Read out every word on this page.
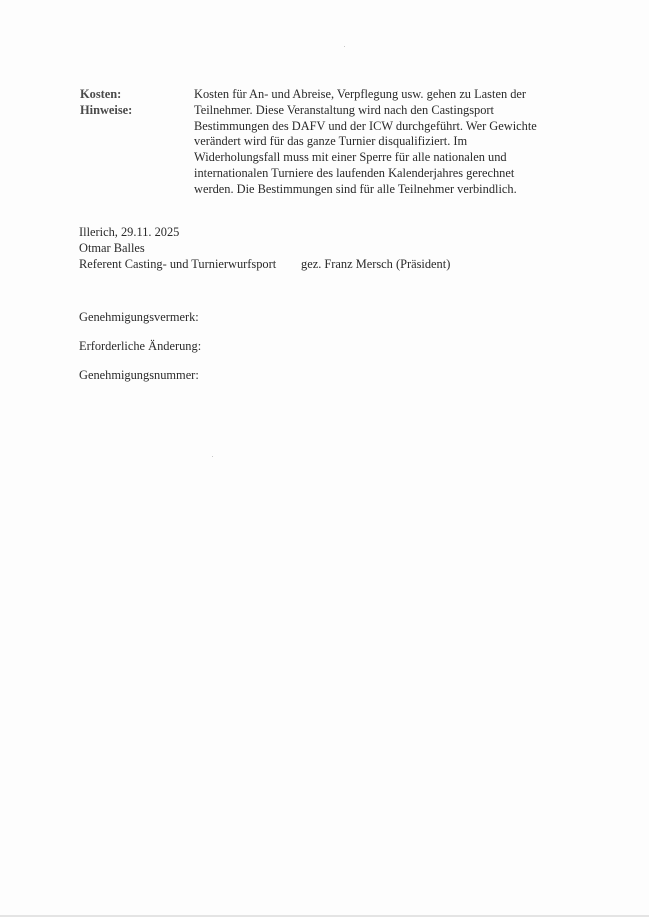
Kosten:
Hinweise:
Kosten für An- und Abreise, Verpflegung usw. gehen zu Lasten der
Teilnehmer. Diese Veranstaltung wird nach den Castingsport
Bestimmungen des DAFV und der ICW durchgeführt. Wer Gewichte
verändert wird für das ganze Turnier disqualifiziert. Im
Widerholungsfall muss mit einer Sperre für alle nationalen und
internationalen Turniere des laufenden Kalenderjahres gerechnet
werden. Die Bestimmungen sind für alle Teilnehmer verbindlich.
Illerich, 29.11. 2025
Otmar Balles
Referent Casting- und Turnierwurfsport	gez. Franz Mersch (Präsident)
Genehmigungsvermerk:
Erforderliche Änderung:
Genehmigungsnummer:
